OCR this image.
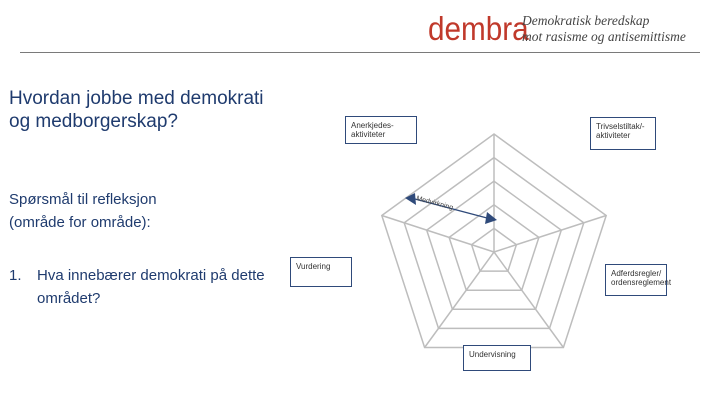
dembra
Demokratisk beredskap
mot rasisme og antisemittisme
Hvordan jobbe med demokrati og medborgerskap?
Spørsmål til refleksjon
(område for område):
1.	Hva innebærer demokrati på dette området?
Medvirkning
Anerkjedes-aktiviteter
Trivselstiltak/-aktiviteter
Vurdering
Adferdsregler/ ordensreglement
Undervisning
